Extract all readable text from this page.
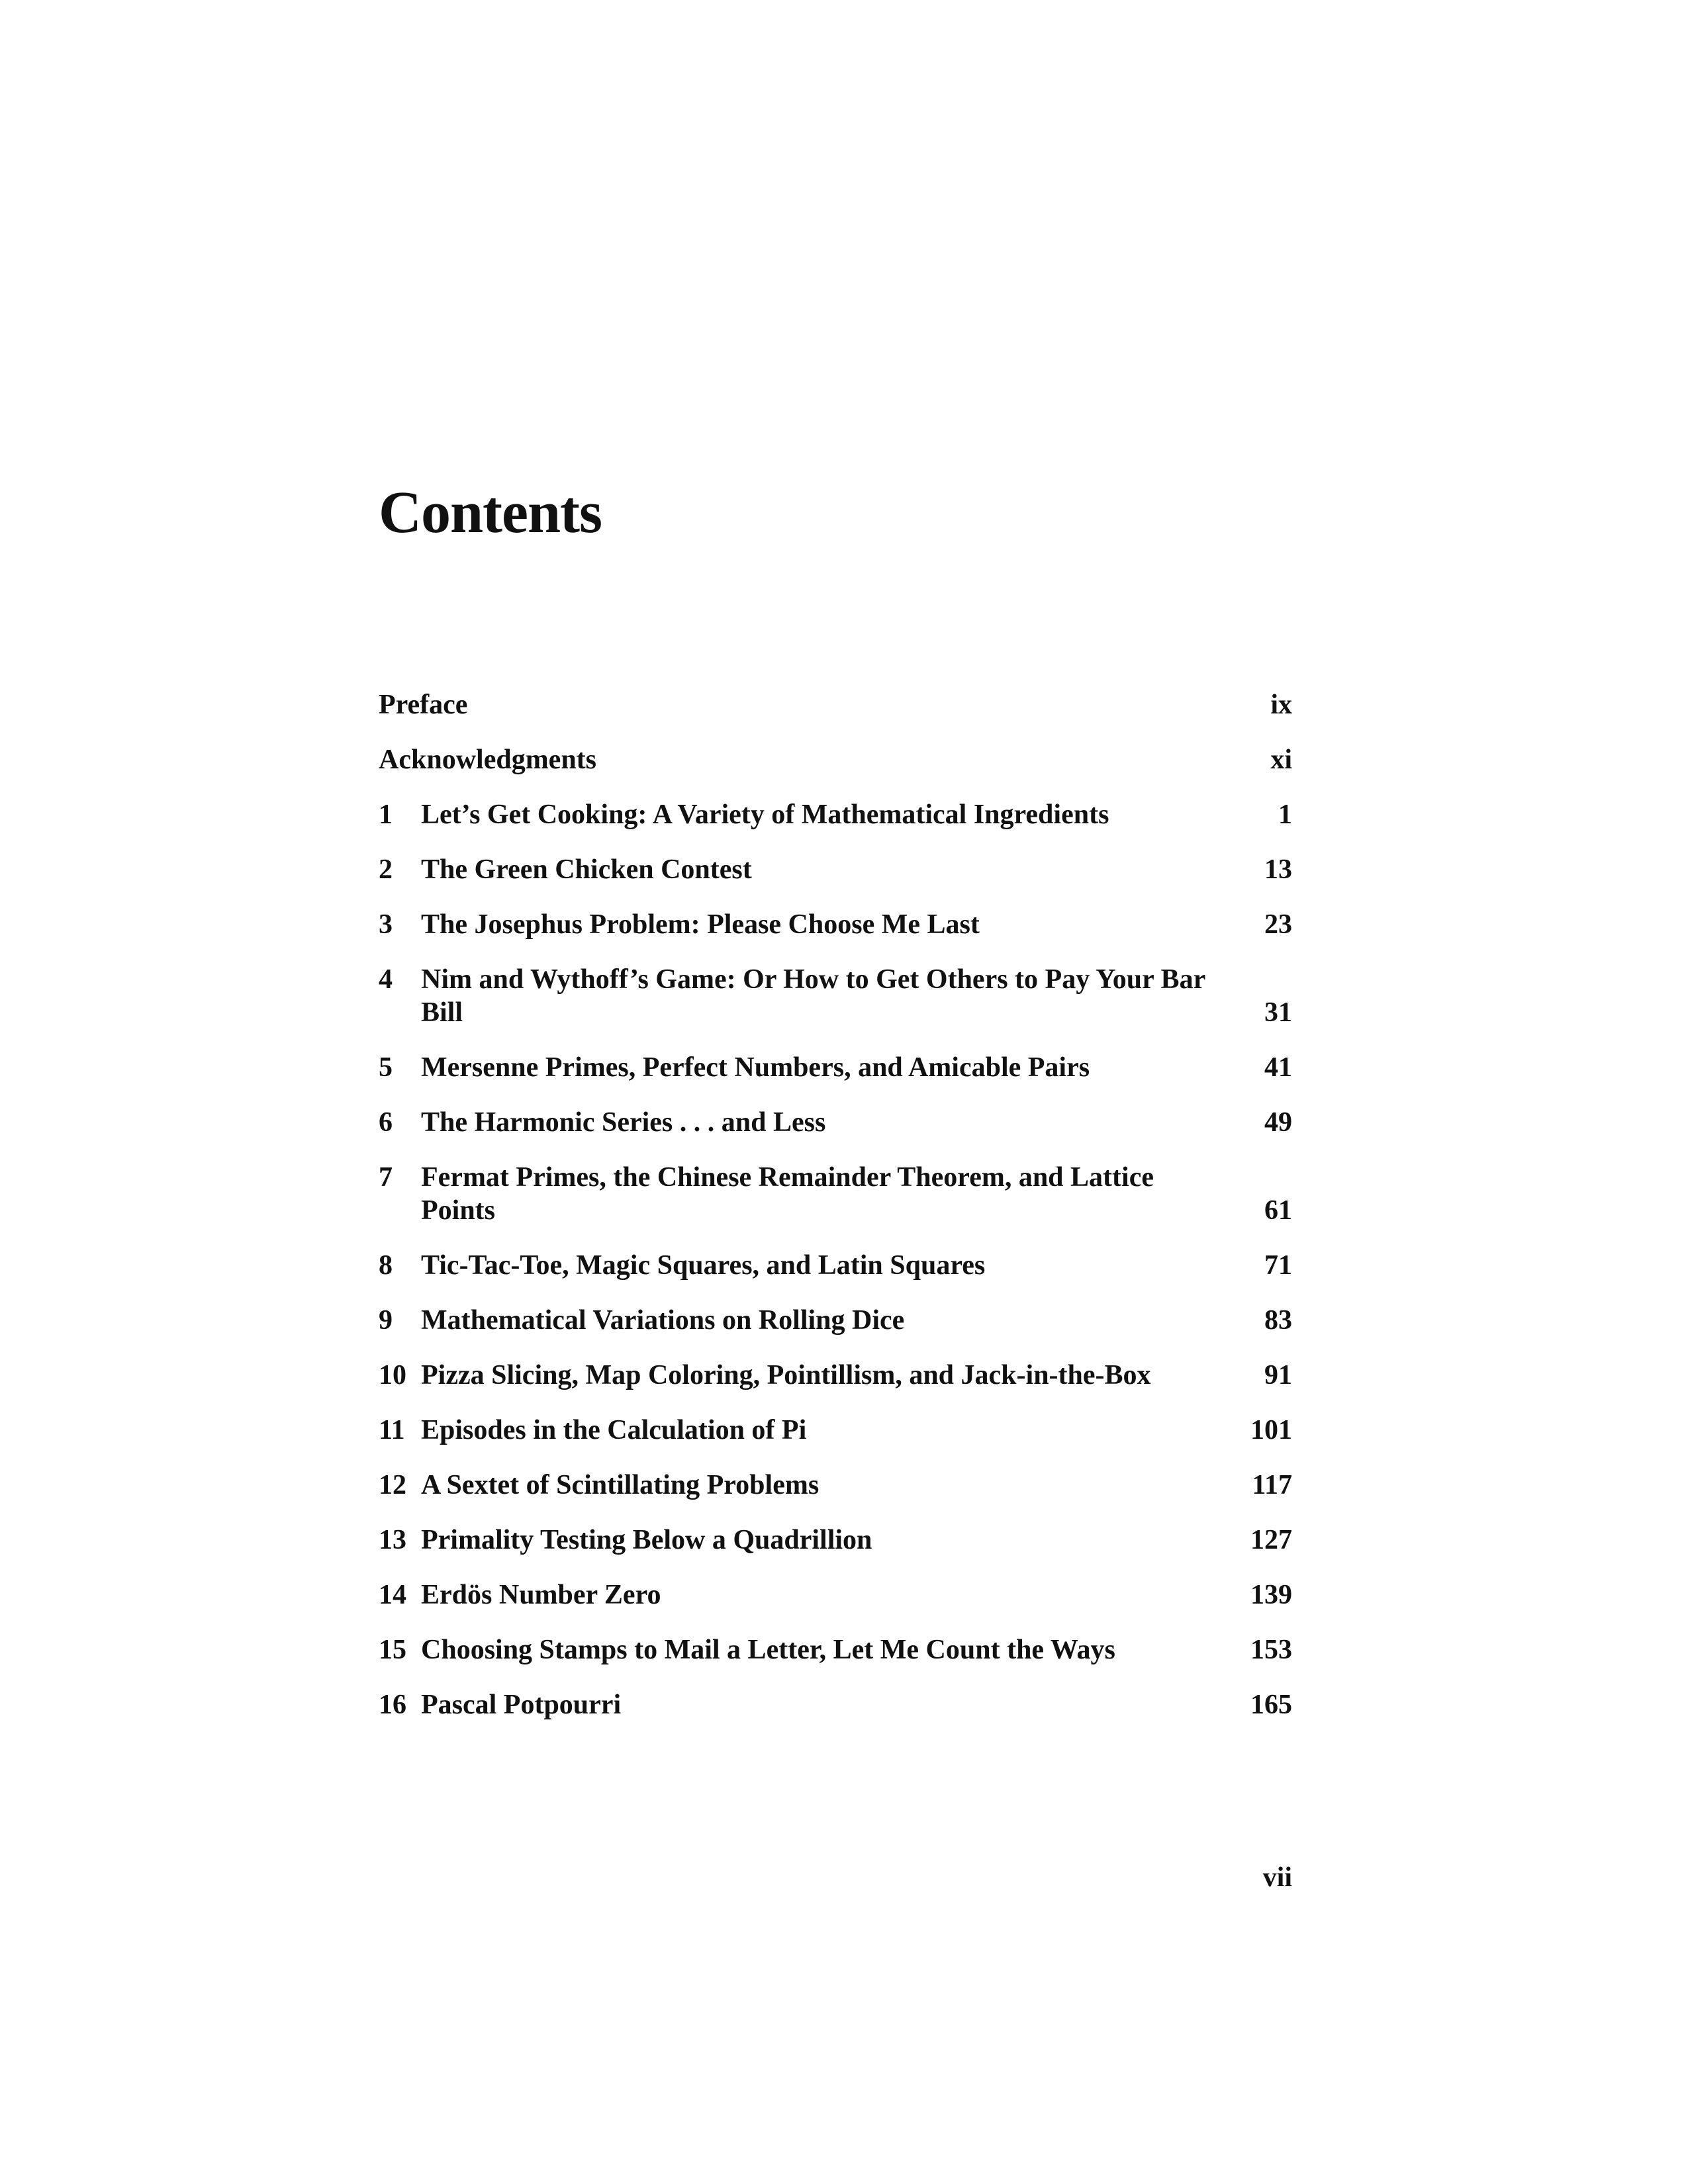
Contents
Preface	ix
Acknowledgments	xi
1	Let’s Get Cooking: A Variety of Mathematical Ingredients	1
2	The Green Chicken Contest	13
3	The Josephus Problem: Please Choose Me Last	23
4	Nim and Wythoff’s Game: Or How to Get Others to Pay Your Bar Bill	31
5	Mersenne Primes, Perfect Numbers, and Amicable Pairs	41
6	The Harmonic Series . . . and Less	49
7	Fermat Primes, the Chinese Remainder Theorem, and Lattice Points	61
8	Tic-Tac-Toe, Magic Squares, and Latin Squares	71
9	Mathematical Variations on Rolling Dice	83
10 Pizza Slicing, Map Coloring, Pointillism, and Jack-in-the-Box	91
11 Episodes in the Calculation of Pi	101
12 A Sextet of Scintillating Problems	117
13 Primality Testing Below a Quadrillion	127
14 Erdös Number Zero	139
15 Choosing Stamps to Mail a Letter, Let Me Count the Ways	153
16 Pascal Potpourri	165
vii
